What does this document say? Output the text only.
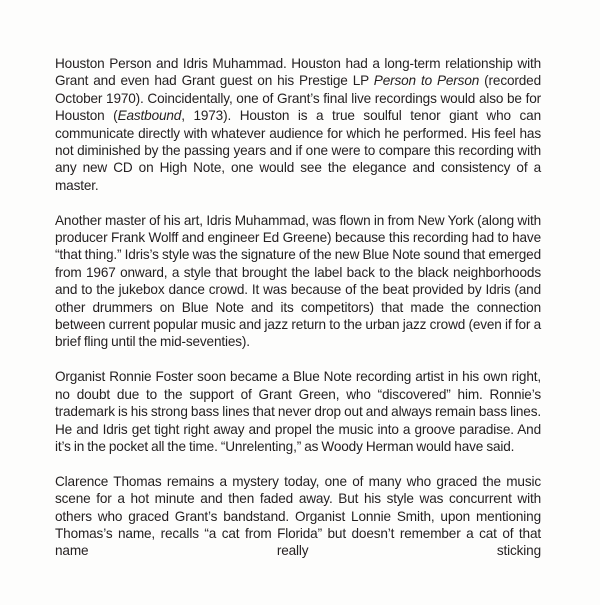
Houston Person and Idris Muhammad. Houston had a long-term relationship with Grant and even had Grant guest on his Prestige LP Person to Person (recorded October 1970). Coincidentally, one of Grant’s final live recordings would also be for Houston (Eastbound, 1973). Houston is a true soulful tenor giant who can communicate directly with whatever audience for which he performed. His feel has not diminished by the passing years and if one were to compare this recording with any new CD on High Note, one would see the elegance and consistency of a master.

Another master of his art, Idris Muhammad, was flown in from New York (along with producer Frank Wolff and engineer Ed Greene) because this recording had to have “that thing.” Idris’s style was the signature of the new Blue Note sound that emerged from 1967 onward, a style that brought the label back to the black neighborhoods and to the jukebox dance crowd. It was because of the beat provided by Idris (and other drummers on Blue Note and its competitors) that made the connection between current popular music and jazz return to the urban jazz crowd (even if for a brief fling until the mid-seventies).

Organist Ronnie Foster soon became a Blue Note recording artist in his own right, no doubt due to the support of Grant Green, who “discovered” him. Ronnie’s trademark is his strong bass lines that never drop out and always remain bass lines. He and Idris get tight right away and propel the music into a groove paradise. And it’s in the pocket all the time. “Unrelenting,” as Woody Herman would have said.

Clarence Thomas remains a mystery today, one of many who graced the music scene for a hot minute and then faded away. But his style was concurrent with others who graced Grant’s bandstand. Organist Lonnie Smith, upon mentioning Thomas’s name, recalls “a cat from Florida” but doesn’t remember a cat of that name really sticking
